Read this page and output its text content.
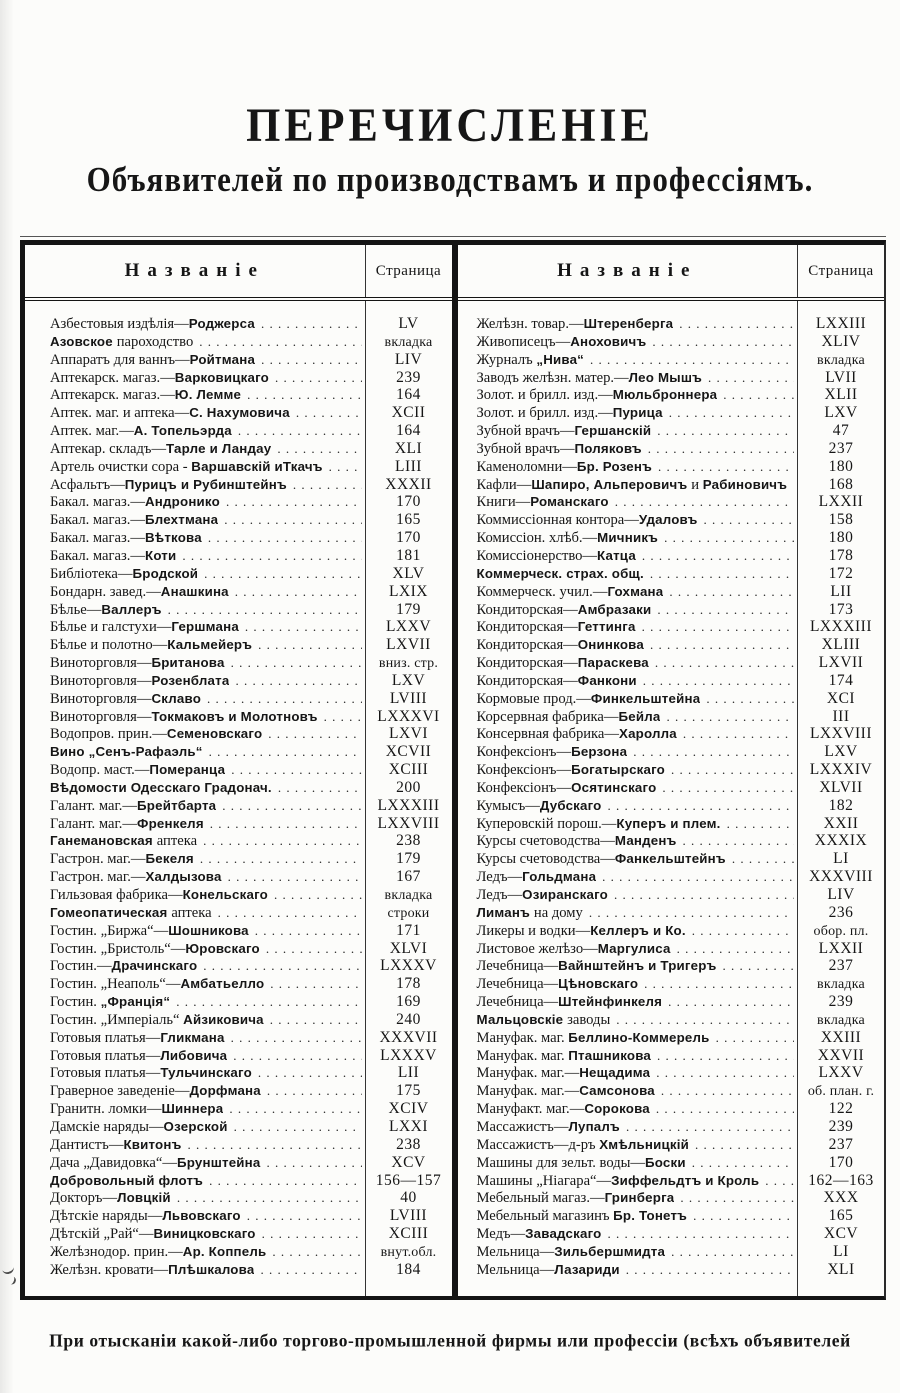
ПЕРЕЧИСЛЕНІЕ
Объявителей по производствамъ и профессіямъ.
Названіе	Страница
Азбестовыя издѣлія—Роджерса . . .	LV
Азовское пароходство . . .	вкладка
Аппаратъ для ваннъ—Ройтмана . . .	LIV
Аптекарск. магаз.—Варковицкаго . . .	239
Аптекарск. магаз.—Ю. Лемме . . .	164
Аптек. маг. и аптека—С. Нахумовича . . .	XCII
Аптек. маг.—А. Топельэрда . . .	164
Аптекар. складъ—Тарле и Ландау . . .	XLI
Артель очистки сора - Варшавскій иТкачъ . . .	LIII
Асфальтъ—Пурицъ и Рубинштейнъ . . .	XXXII
Бакал. магаз.—Андронико . . .	170
Бакал. магаз.—Блехтмана . . .	165
Бакал. магаз.—Вѣткова . . .	170
Бакал. магаз.—Коти . . .	181
Библіотека—Бродской . . .	XLV
Бондарн. завед.—Анашкина . . .	LXIX
Бѣлье—Валлеръ . . .	179
Бѣлье и галстухи—Гершмана . . .	LXXV
Бѣлье и полотно—Кальмейеръ . . .	LXVII
Виноторговля—Британова . . .	вниз. стр.
Виноторговля—Розенблата . . .	LXV
Виноторговля—Склаво . . .	LVIII
Виноторговля—Токмаковъ и Молотновъ . . .	LXXXVI
Водопров. прин.—Семеновскаго . . .	LXVI
Вино „Сенъ-Рафаэль“ . . .	XCVII
Водопр. маст.—Померанца . . .	XCIII
Вѣдомости Одесскаго Градонач. . . .	200
Галант. маг.—Брейтбарта . . .	LXXXIII
Галант. маг.—Френкеля . . .	LXXVIII
Ганемановская аптека . . .	238
Гастрон. маг.—Бекеля . . .	179
Гастрон. маг.—Халдызова . . .	167
Гильзовая фабрика—Конельскаго . . .	вкладка
Гомеопатическая аптека . . .	строки
Гостин. „Биржа“—Шошникова . . .	171
Гостин. „Бристоль“—Юровскаго . . .	XLVI
Гостин.—Драчинскаго . . .	LXXXV
Гостин. „Неаполь“—Амбатьелло . . .	178
Гостин. „Франція“ . . .	169
Гостин. „Имперіаль“ Айзиковича . . .	240
Готовыя платья—Гликмана . . .	XXXVII
Готовыя платья—Либовича . . .	LXXXV
Готовыя платья—Тульчинскаго . . .	LII
Граверное заведеніе—Дорфмана . . .	175
Гранитн. ломки—Шиннера . . .	XCIV
Дамскіе наряды—Озерской . . .	LXXI
Дантистъ—Квитонъ . . .	238
Дача „Давидовка“—Брунштейна . . .	XCV
Добровольный флотъ . . .	156—157
Докторъ—Ловцкій . . .	40
Дѣтскіе наряды—Львовскаго . . .	LVIII
Дѣтскій „Рай“—Виницковскаго . . .	XCIII
Желѣзнодор. прин.—Ар. Коппель . . .	внут.обл.
Желѣзн. кровати—Плѣшкалова . . .	184
Названіе	Страница
Желѣзн. товар.—Штеренберга . . .	LXXIII
Живописецъ—Аноховичъ . . .	XLIV
Журналъ „Нива“ . . .	вкладка
Заводъ желѣзн. матер.—Лео Мышъ . . .	LVII
Золот. и брилл. изд.—Мюльброннера . . .	XLII
Золот. и брилл. изд.—Пурица . . .	LXV
Зубной врачъ—Гершанскій . . .	47
Зубной врачъ—Поляковъ . . .	237
Каменоломни—Бр. Розенъ . . .	180
Кафли—Шапиро, Альперовичъ и Рабиновичъ . . .	168
Книги—Романскаго . . .	LXXII
Коммиссіонная контора—Удаловъ . . .	158
Комиссіон. хлѣб.—Мичникъ . . .	180
Комиссіонерство—Катца . . .	178
Коммерческ. страх. общ. . . .	172
Коммерческ. учил.—Гохмана . . .	LII
Кондиторская—Амбразаки . . .	173
Кондиторская—Геттинга . . .	LXXXIII
Кондиторская—Онинкова . . .	XLIII
Кондиторская—Параскева . . .	LXVII
Кондиторская—Фанкони . . .	174
Кормовые прод.—Финкельштейна . . .	XCI
Корсервная фабрика—Бейла . . .	III
Консервная фабрика—Харолла . . .	LXXVIII
Конфексіонъ—Берзона . . .	LXV
Конфексіонъ—Богатырскаго . . .	LXXXIV
Конфексіонъ—Осятинскаго . . .	XLVII
Кумысъ—Дубскаго . . .	182
Куперовскій порош.—Куперъ и плем. . . .	XXII
Курсы счетоводства—Манденъ . . .	XXXIX
Курсы счетоводства—Фанкельштейнъ . . .	LI
Ледъ—Гольдмана . . .	XXXVIII
Ледъ—Озиранскаго . . .	LIV
Лиманъ на дому . . .	236
Ликеры и водки—Келлеръ и Ко. . . .	обор. пл.
Листовое желѣзо—Маргулиса . . .	LXXII
Лечебница—Вайнштейнъ и Тригеръ . . .	237
Лечебница—Цѣновскаго . . .	вкладка
Лечебница—Штейнфинкеля . . .	239
Мальцовскіе заводы . . .	вкладка
Мануфак. маг. Беллино-Коммерель . . .	XXIII
Мануфак. маг. Пташникова . . .	XXVII
Мануфак. маг.—Нещадима . . .	LXXV
Мануфак. маг.—Самсонова . . .	об. план. г.
Мануфакт. маг.—Сорокова . . .	122
Массажистъ—Лупалъ . . .	239
Массажистъ—д-ръ Хмѣльницкій . . .	237
Машины для зельт. воды—Боски . . .	170
Машины „Ніагара“—Зиффельдтъ и Кроль . . .	162—163
Мебельный магаз.—Гринберга . . .	XXX
Мебельный магазинъ Бр. Тонетъ . . .	165
Медъ—Завадскаго . . .	XCV
Мельница—Зильбершмидта . . .	LI
Мельница—Лазариди . . .	XLI
При отысканіи какой-либо торгово-промышленной фирмы или профессіи (всѣхъ объявителей
